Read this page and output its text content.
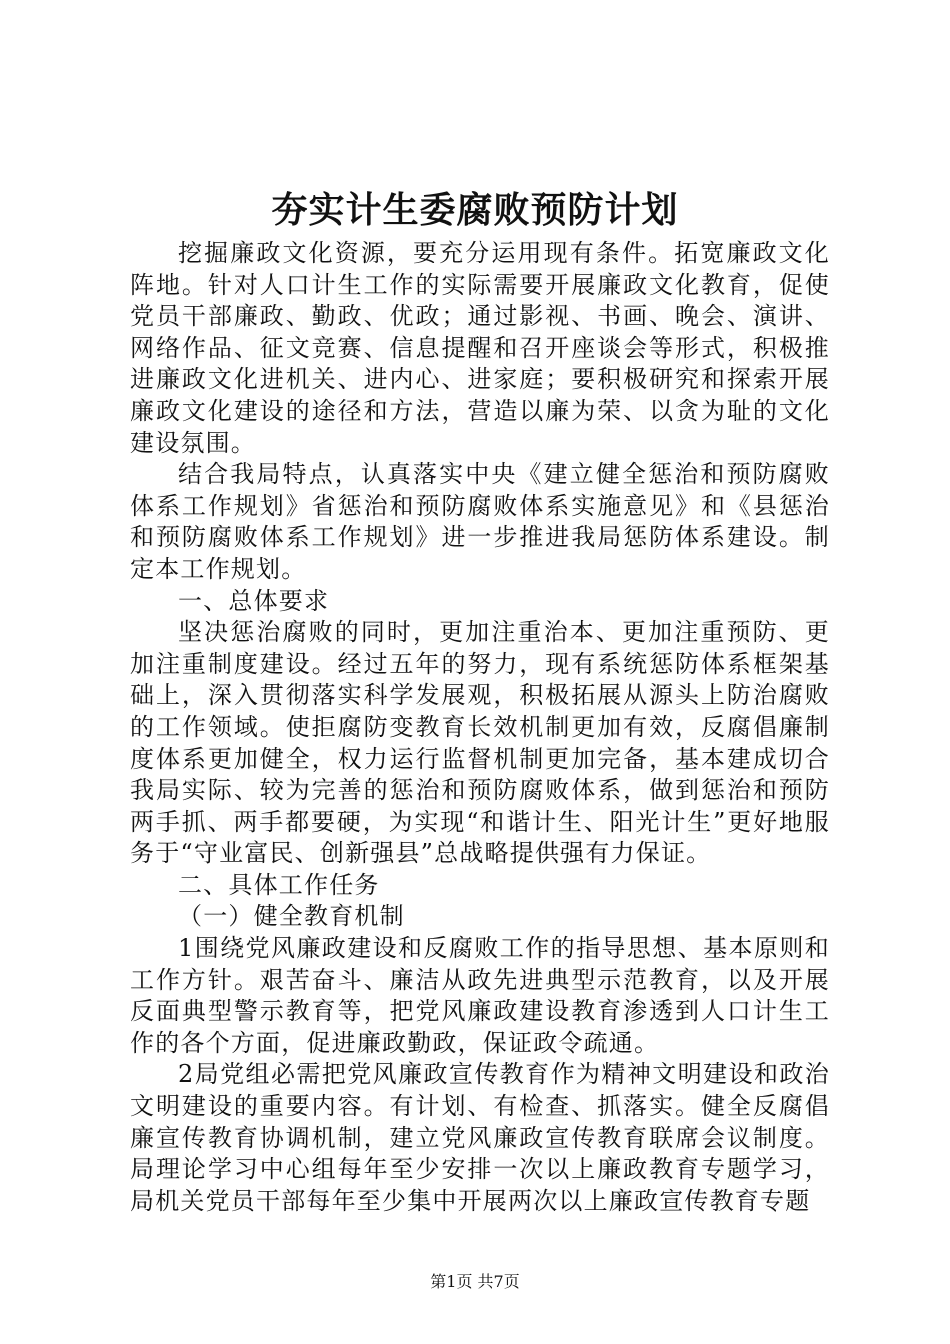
夯实计生委腐败预防计划

挖掘廉政文化资源，要充分运用现有条件。拓宽廉政文化阵地。针对人口计生工作的实际需要开展廉政文化教育，促使党员干部廉政、勤政、优政；通过影视、书画、晚会、演讲、网络作品、征文竞赛、信息提醒和召开座谈会等形式，积极推进廉政文化进机关、进内心、进家庭；要积极研究和探索开展廉政文化建设的途径和方法，营造以廉为荣、以贪为耻的文化建设氛围。

结合我局特点，认真落实中央《建立健全惩治和预防腐败体系工作规划》省惩治和预防腐败体系实施意见》和《县惩治和预防腐败体系工作规划》进一步推进我局惩防体系建设。制定本工作规划。

一、总体要求

坚决惩治腐败的同时，更加注重治本、更加注重预防、更加注重制度建设。经过五年的努力，现有系统惩防体系框架基础上，深入贯彻落实科学发展观，积极拓展从源头上防治腐败的工作领域。使拒腐防变教育长效机制更加有效，反腐倡廉制度体系更加健全，权力运行监督机制更加完备，基本建成切合我局实际、较为完善的惩治和预防腐败体系，做到惩治和预防两手抓、两手都要硬，为实现“和谐计生、阳光计生”更好地服务于“守业富民、创新强县”总战略提供强有力保证。

二、具体工作任务

（一）健全教育机制

1围绕党风廉政建设和反腐败工作的指导思想、基本原则和工作方针。艰苦奋斗、廉洁从政先进典型示范教育，以及开展反面典型警示教育等，把党风廉政建设教育渗透到人口计生工作的各个方面，促进廉政勤政，保证政令疏通。

2局党组必需把党风廉政宣传教育作为精神文明建设和政治文明建设的重要内容。有计划、有检查、抓落实。健全反腐倡廉宣传教育协调机制，建立党风廉政宣传教育联席会议制度。局理论学习中心组每年至少安排一次以上廉政教育专题学习，局机关党员干部每年至少集中开展两次以上廉政宣传教育专题

第1页 共7页
